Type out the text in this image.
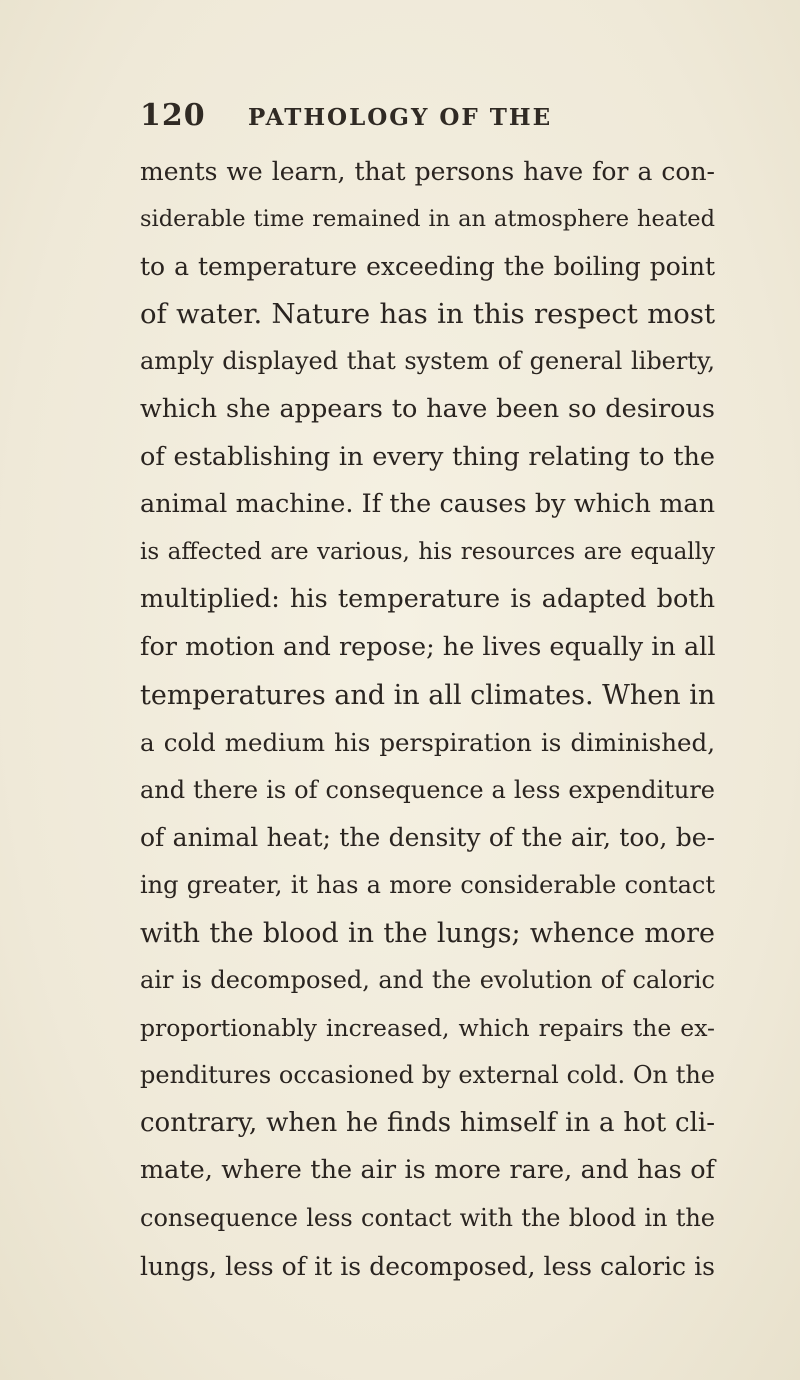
120 PATHOLOGY OF THE
ments we learn, that persons have for a con-
siderable time remained in an atmosphere heated
to a temperature exceeding the boiling point
of water. Nature has in this respect most
amply displayed that system of general liberty,
which she appears to have been so desirous
of establishing in every thing relating to the
animal machine. If the causes by which man
is affected are various, his resources are equally
multiplied: his temperature is adapted both
for motion and repose; he lives equally in all
temperatures and in all climates. When in
a cold medium his perspiration is diminished,
and there is of consequence a less expenditure
of animal heat; the density of the air, too, be-
ing greater, it has a more considerable contact
with the blood in the lungs; whence more
air is decomposed, and the evolution of caloric
proportionably increased, which repairs the ex-
penditures occasioned by external cold. On the
contrary, when he finds himself in a hot cli-
mate, where the air is more rare, and has of
consequence less contact with the blood in the
lungs, less of it is decomposed, less caloric is
